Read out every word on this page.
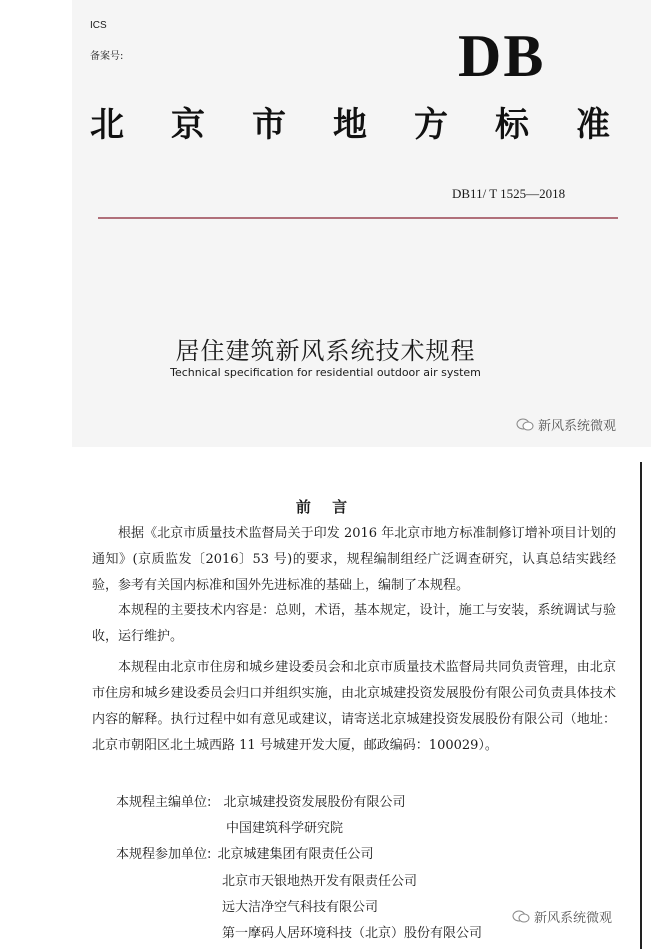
ICS
备案号:	DB
北 京 市 地 方 标 准
DB11/ T 1525—2018
居住建筑新风系统技术规程
Technical specification for residential outdoor air system
新风系统微观
前 言
根据《北京市质量技术监督局关于印发 2016 年北京市地方标准制修订增补项目计划的通知》(京质监发〔2016〕53 号)的要求，规程编制组经广泛调查研究，认真总结实践经验，参考有关国内标准和国外先进标准的基础上，编制了本规程。
本规程的主要技术内容是：总则，术语，基本规定，设计，施工与安装，系统调试与验收，运行维护。
本规程由北京市住房和城乡建设委员会和北京市质量技术监督局共同负责管理，由北京市住房和城乡建设委员会归口并组织实施，由北京城建投资发展股份有限公司负责具体技术内容的解释。执行过程中如有意见或建议，请寄送北京城建投资发展股份有限公司（地址：北京市朝阳区北土城西路 11 号城建开发大厦，邮政编码：100029）。
本规程主编单位: 北京城建投资发展股份有限公司
中国建筑科学研究院
本规程参加单位: 北京城建集团有限责任公司
北京市天银地热开发有限责任公司
远大洁净空气科技有限公司
第一摩码人居环境科技（北京）股份有限公司
新风系统微观
